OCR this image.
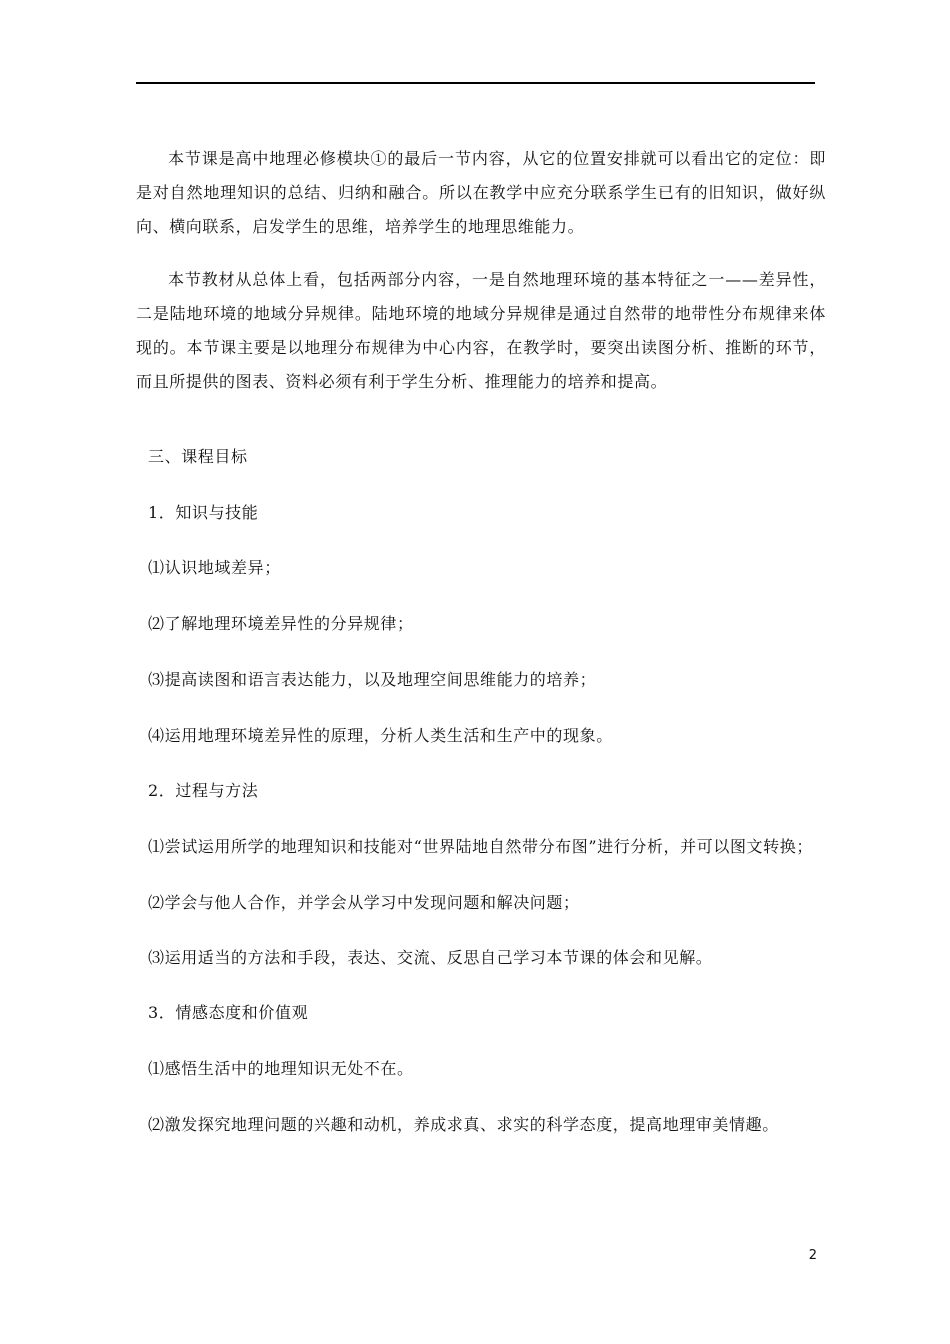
本节课是高中地理必修模块①的最后一节内容，从它的位置安排就可以看出它的定位：即是对自然地理知识的总结、归纳和融合。所以在教学中应充分联系学生已有的旧知识，做好纵向、横向联系，启发学生的思维，培养学生的地理思维能力。

本节教材从总体上看，包括两部分内容，一是自然地理环境的基本特征之一——差异性，二是陆地环境的地域分异规律。陆地环境的地域分异规律是通过自然带的地带性分布规律来体现的。本节课主要是以地理分布规律为中心内容，在教学时，要突出读图分析、推断的环节，而且所提供的图表、资料必须有利于学生分析、推理能力的培养和提高。

三、课程目标

1．知识与技能

⑴认识地域差异；

⑵了解地理环境差异性的分异规律；

⑶提高读图和语言表达能力，以及地理空间思维能力的培养；

⑷运用地理环境差异性的原理，分析人类生活和生产中的现象。

2．过程与方法

⑴尝试运用所学的地理知识和技能对“世界陆地自然带分布图”进行分析，并可以图文转换；

⑵学会与他人合作，并学会从学习中发现问题和解决问题；

⑶运用适当的方法和手段，表达、交流、反思自己学习本节课的体会和见解。

3．情感态度和价值观

⑴感悟生活中的地理知识无处不在。

⑵激发探究地理问题的兴趣和动机，养成求真、求实的科学态度，提高地理审美情趣。

2
